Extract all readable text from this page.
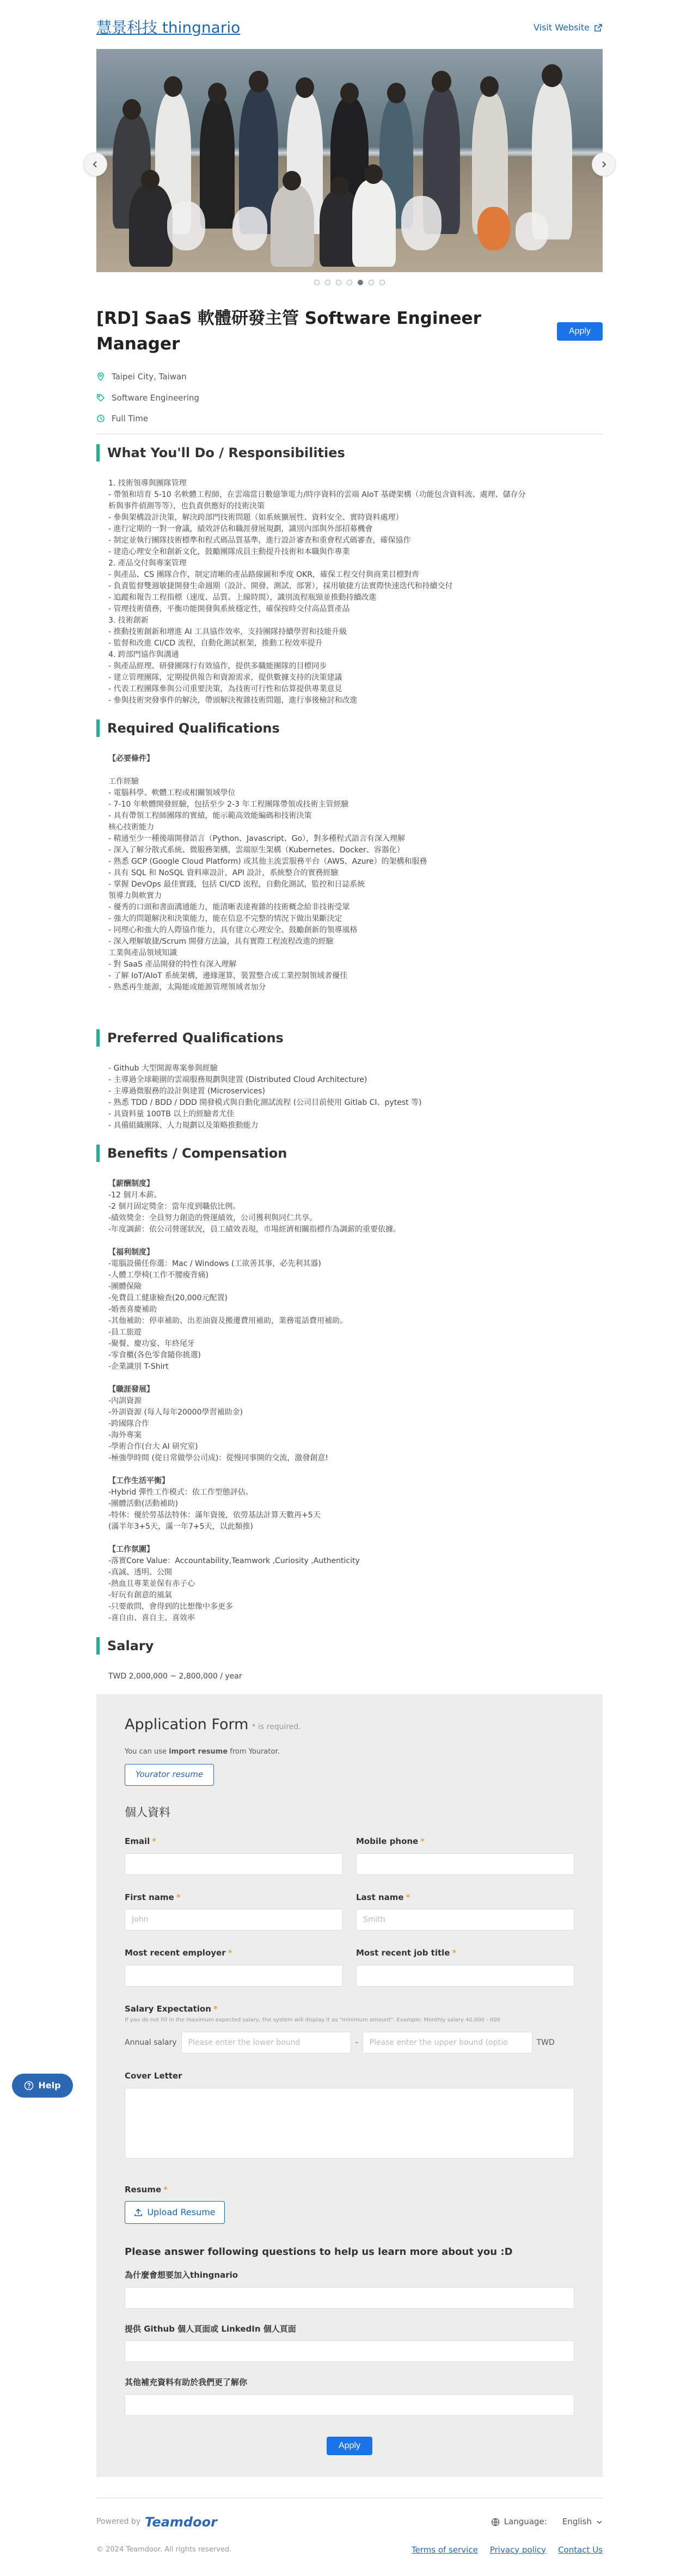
慧景科技 thingnario	Visit Website
[RD] SaaS 軟體研發主管 Software Engineer Manager
Apply
Taipei City, Taiwan
Software Engineering
Full Time
What You'll Do / Responsibilities

1. 技術領導與團隊管理

- 帶領和培育 5-10 名軟體工程師，在雲端當日數億筆電力/時序資料的雲端 AIoT 基礎架構（功能包含資料流、處理、儲存分

析與事件偵測等等），也負責供應好的技術決策

- 參與架構設計決策，解決跨部門技術問題（如系統擴展性、資料安全、實時資料處理）

- 進行定期的一對一會議，績效評估和職涯發展規劃，識別內部與外部招募機會

- 制定並執行團隊技術標準和程式碼品質基準，進行設計審查和重會程式碼審查，確保協作

- 建造心理安全和創新文化，鼓勵團隊成員主動提升技術和本職與作專業

2. 產品交付與專案管理

- 與產品、CS 團隊合作，制定清晰的產品路線圖和季度 OKR，確保工程交付與商業目標對齊

- 負責監督雙週敏捷開發生命週期（設計、開發、測試、部署），採用敏捷方法實際快速迭代和持續交付

- 追蹤和報告工程指標（速度、品質、上線時間），識別流程瓶頸並推動持續改進

- 管理技術債務，平衡功能開發與系統穩定性，確保按時交付高品質產品

3. 技術創新

- 推動技術創新和增進 AI 工具協作效率，支持團隊持續學習和技能升級

- 監督和改進 CI/CD 流程，自動化測試框架，推動工程效率提升

4. 跨部門協作與溝通

- 與產品經理、研發團隊行有效協作，提供多職能團隊的目標同步

- 建立管理團隊，定期提供報告和資源需求，提供數據支持的決策建議

- 代表工程團隊參與公司重要決策，為技術可行性和估算提供專業意見

- 參與技術突發事件的解決，帶頭解決複雜技術問題，進行事後檢討和改進

Required Qualifications

【必要條件】

工作經驗

- 電腦科學、軟體工程或相關領域學位

- 7-10 年軟體開發經驗，包括至少 2-3 年工程團隊帶領或技術主管經驗

- 具有帶領工程師團隊的實績，能示範高效能編碼和技術決策

核心技術能力

- 精通至少一種後端開發語言（Python、Javascript、Go），對多種程式語言有深入理解

- 深入了解分散式系統、微服務架構，雲端原生架構（Kubernetes、Docker、容器化）

- 熟悉 GCP (Google Cloud Platform) 或其他主流雲服務平台（AWS、Azure）的架構和服務

- 具有 SQL 和 NoSQL 資料庫設計，API 設計，系統整合的實務經驗

- 掌握 DevOps 最佳實踐，包括 CI/CD 流程，自動化測試，監控和日誌系統

領導力與軟實力

- 優秀的口頭和書面溝通能力，能清晰表達複雜的技術概念給非技術受眾

- 強大的問題解決和決策能力，能在信息不完整的情況下做出果斷決定

- 同理心和強大的人際協作能力，具有建立心理安全、鼓勵創新的領導風格

- 深入理解敏捷/Scrum 開發方法論，具有實際工程流程改進的經驗

工業與產品領域知識

- 對 SaaS 產品開發的特性有深入理解

- 了解 IoT/AIoT 系統架構，邊緣運算，裝置整合或工業控制領域者優佳

- 熟悉再生能源，太陽能或能源管理領域者加分

Preferred Qualifications

- Github 大型開源專案參與經驗

- 主導過全球範圍的雲端服務規劃與建置 (Distributed Cloud Architecture)

- 主導過微服務的設計與建置 (Microservices)

- 熟悉 TDD / BDD / DDD 開發模式與自動化測試流程 (公司目前使用 Gitlab CI、pytest 等)

- 具資料量 100TB 以上的經驗者尤佳

- 具備組織團隊、人力規劃以及策略推動能力

Benefits / Compensation

【薪酬制度】

-12 個月本薪。

-2 個月固定獎金：當年度到職依比例。

-績效獎金：全員努力創造的營運績效，公司獲利與同仁共享。

-年度調薪：依公司營運狀況，員工績效表現，市場經濟相關指標作為調薪的重要依據。

【福利制度】

-電腦設備任你選：Mac / Windows (工欲善其事，必先利其器)

-人體工學椅(工作不腰痠背痛)

-團體保險

-免費員工健康檢查(20,000元配置)

-婚喪喜慶補助

-其他補助：停車補助、出差油資及搬遷費用補助，業務電話費用補助。

-員工旅遊

-聚餐、慶功宴、年終尾牙

-零食櫃(各色零食隨你挑選)

-企業識別 T-Shirt

【職涯發展】

-內訓資源

-外訓資源 (每人每年20000學習補助金)

-跨國隊合作

-海外專案

-學術合作(台大 AI 研究室)

-極強學時間 (從日常做學公司成)：從慢同事開的交流，激發創意!

【工作生活平衡】

-Hybrid 彈性工作模式：依工作型態評估。

-團體活動(活動補助)

-特休：優於勞基法特休：滿年資後，依勞基法計算天數再+5天

(滿半年3+5天，滿一年7+5天，以此類推)

【工作氛圍】

-落實Core Value：Accountability,Teamwork ,Curiosity ,Authenticity

-真誠、透明、公開

-熱血且專業並保有赤子心

-好玩有創意的風氣

-只要敢問，會得到的比想像中多更多

-喜自由、喜自主、喜效率

Salary

TWD 2,000,000 ~ 2,800,000 / year

Application Form * is required.
You can use import resume from Yourator.
Yourator resume
個人資料
Email *	Mobile phone *
First name *
John
Last name *
Smith
Most recent employer *	Most recent job title *
Salary Expectation *
If you do not fill in the maximum expected salary, the system will display it as "minimum amount". Example: Monthly salary 40,000 - 000
Annual salary	Please enter the lower bound	-	Please enter the upper bound (optio	TWD
Cover Letter
Resume *
Upload Resume
Please answer following questions to help us learn more about you :D
為什麼會想要加入thingnario
提供 Github 個人頁面或 LinkedIn 個人頁面
其他補充資料有助於我們更了解你
Apply
Powered by Teamdoor	Language: English
© 2024 Teamdoor. All rights reserved.	Terms of service Privacy policy Contact Us
Help
